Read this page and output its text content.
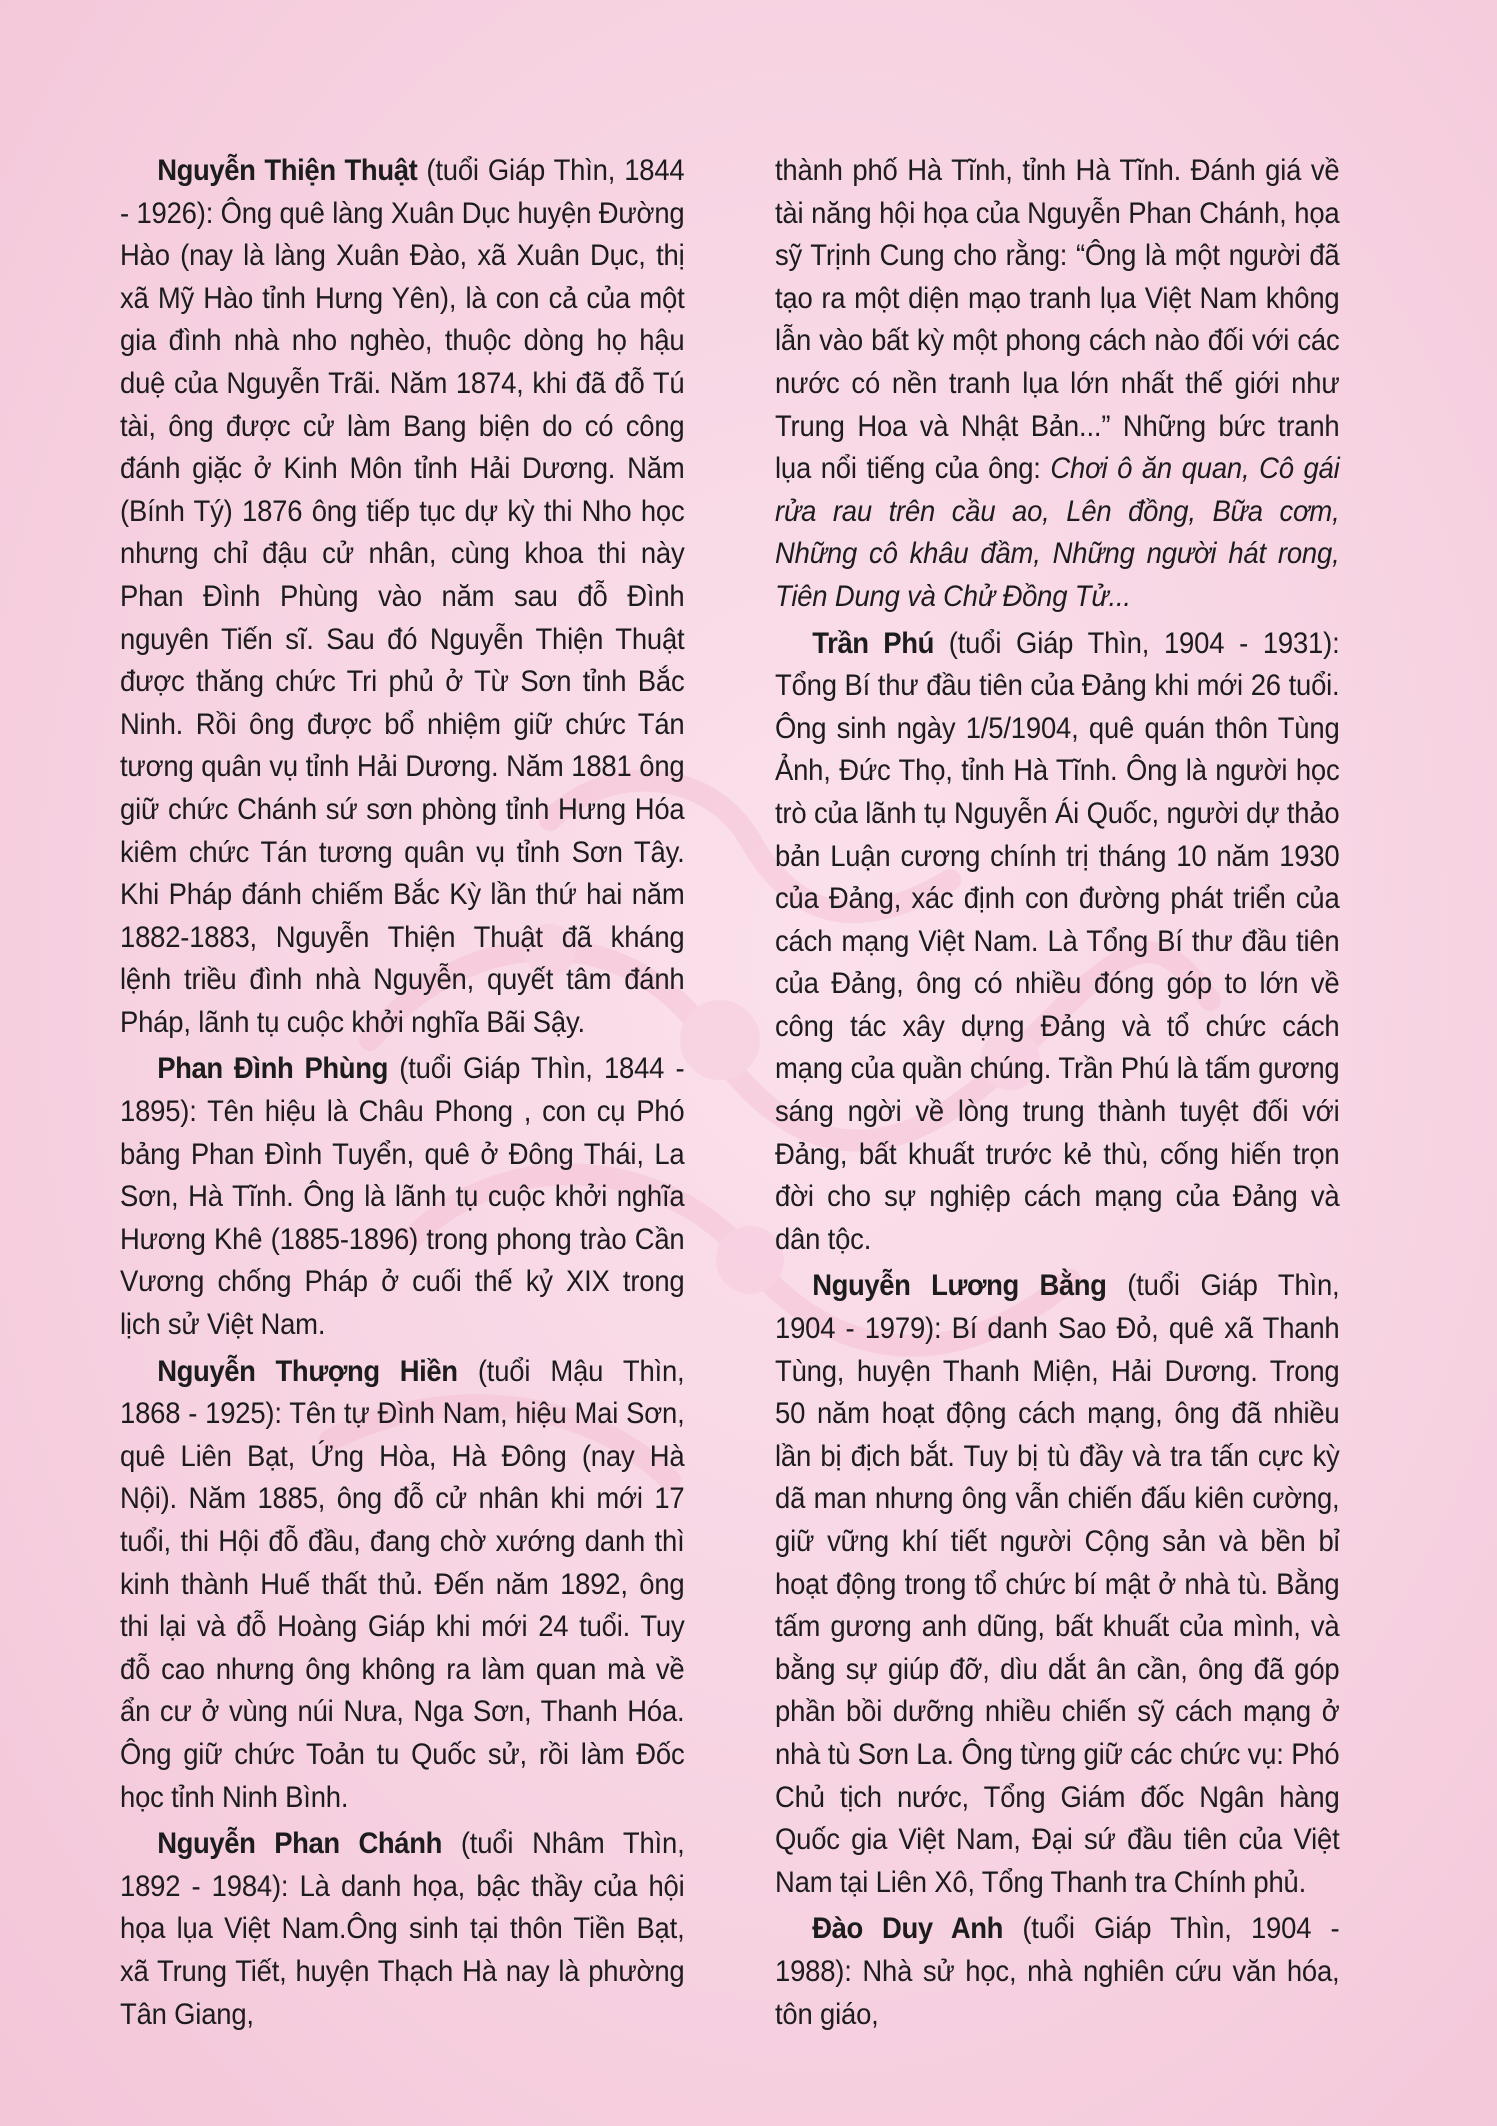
Nguyễn Thiện Thuật (tuổi Giáp Thìn, 1844 - 1926): Ông quê làng Xuân Dục huyện Đường Hào (nay là làng Xuân Đào, xã Xuân Dục, thị xã Mỹ Hào tỉnh Hưng Yên), là con cả của một gia đình nhà nho nghèo, thuộc dòng họ hậu duệ của Nguyễn Trãi. Năm 1874, khi đã đỗ Tú tài, ông được cử làm Bang biện do có công đánh giặc ở Kinh Môn tỉnh Hải Dương. Năm (Bính Tý) 1876 ông tiếp tục dự kỳ thi Nho học nhưng chỉ đậu cử nhân, cùng khoa thi này Phan Đình Phùng vào năm sau đỗ Đình nguyên Tiến sĩ. Sau đó Nguyễn Thiện Thuật được thăng chức Tri phủ ở Từ Sơn tỉnh Bắc Ninh. Rồi ông được bổ nhiệm giữ chức Tán tương quân vụ tỉnh Hải Dương. Năm 1881 ông giữ chức Chánh sứ sơn phòng tỉnh Hưng Hóa kiêm chức Tán tương quân vụ tỉnh Sơn Tây. Khi Pháp đánh chiếm Bắc Kỳ lần thứ hai năm 1882-1883, Nguyễn Thiện Thuật đã kháng lệnh triều đình nhà Nguyễn, quyết tâm đánh Pháp, lãnh tụ cuộc khởi nghĩa Bãi Sậy.

Phan Đình Phùng (tuổi Giáp Thìn, 1844 - 1895): Tên hiệu là Châu Phong , con cụ Phó bảng Phan Đình Tuyển, quê ở Đông Thái, La Sơn, Hà Tĩnh. Ông là lãnh tụ cuộc khởi nghĩa Hương Khê (1885-1896) trong phong trào Cần Vương chống Pháp ở cuối thế kỷ XIX trong lịch sử Việt Nam.

Nguyễn Thượng Hiền (tuổi Mậu Thìn, 1868 - 1925): Tên tự Đình Nam, hiệu Mai Sơn, quê Liên Bạt, Ứng Hòa, Hà Đông (nay Hà Nội). Năm 1885, ông đỗ cử nhân khi mới 17 tuổi, thi Hội đỗ đầu, đang chờ xướng danh thì kinh thành Huế thất thủ. Đến năm 1892, ông thi lại và đỗ Hoàng Giáp khi mới 24 tuổi. Tuy đỗ cao nhưng ông không ra làm quan mà về ẩn cư ở vùng núi Nưa, Nga Sơn, Thanh Hóa. Ông giữ chức Toản tu Quốc sử, rồi làm Đốc học tỉnh Ninh Bình.

Nguyễn Phan Chánh (tuổi Nhâm Thìn, 1892 - 1984): Là danh họa, bậc thầy của hội họa lụa Việt Nam.Ông sinh tại thôn Tiền Bạt, xã Trung Tiết, huyện Thạch Hà nay là phường Tân Giang,

thành phố Hà Tĩnh, tỉnh Hà Tĩnh. Đánh giá về tài năng hội họa của Nguyễn Phan Chánh, họa sỹ Trịnh Cung cho rằng: “Ông là một người đã tạo ra một diện mạo tranh lụa Việt Nam không lẫn vào bất kỳ một phong cách nào đối với các nước có nền tranh lụa lớn nhất thế giới như Trung Hoa và Nhật Bản...” Những bức tranh lụa nổi tiếng của ông: Chơi ô ăn quan, Cô gái rửa rau trên cầu ao, Lên đồng, Bữa cơm, Những cô khâu đầm, Những người hát rong, Tiên Dung và Chử Đồng Tử...

Trần Phú (tuổi Giáp Thìn, 1904 - 1931): Tổng Bí thư đầu tiên của Đảng khi mới 26 tuổi. Ông sinh ngày 1/5/1904, quê quán thôn Tùng Ảnh, Đức Thọ, tỉnh Hà Tĩnh. Ông là người học trò của lãnh tụ Nguyễn Ái Quốc, người dự thảo bản Luận cương chính trị tháng 10 năm 1930 của Đảng, xác định con đường phát triển của cách mạng Việt Nam. Là Tổng Bí thư đầu tiên của Đảng, ông có nhiều đóng góp to lớn về công tác xây dựng Đảng và tổ chức cách mạng của quần chúng. Trần Phú là tấm gương sáng ngời về lòng trung thành tuyệt đối với Đảng, bất khuất trước kẻ thù, cống hiến trọn đời cho sự nghiệp cách mạng của Đảng và dân tộc.

Nguyễn Lương Bằng (tuổi Giáp Thìn, 1904 - 1979): Bí danh Sao Đỏ, quê xã Thanh Tùng, huyện Thanh Miện, Hải Dương. Trong 50 năm hoạt động cách mạng, ông đã nhiều lần bị địch bắt. Tuy bị tù đầy và tra tấn cực kỳ dã man nhưng ông vẫn chiến đấu kiên cường, giữ vững khí tiết người Cộng sản và bền bỉ hoạt động trong tổ chức bí mật ở nhà tù. Bằng tấm gương anh dũng, bất khuất của mình, và bằng sự giúp đỡ, dìu dắt ân cần, ông đã góp phần bồi dưỡng nhiều chiến sỹ cách mạng ở nhà tù Sơn La. Ông từng giữ các chức vụ: Phó Chủ tịch nước, Tổng Giám đốc Ngân hàng Quốc gia Việt Nam, Đại sứ đầu tiên của Việt Nam tại Liên Xô, Tổng Thanh tra Chính phủ.

Đào Duy Anh (tuổi Giáp Thìn, 1904 - 1988): Nhà sử học, nhà nghiên cứu văn hóa, tôn giáo,
